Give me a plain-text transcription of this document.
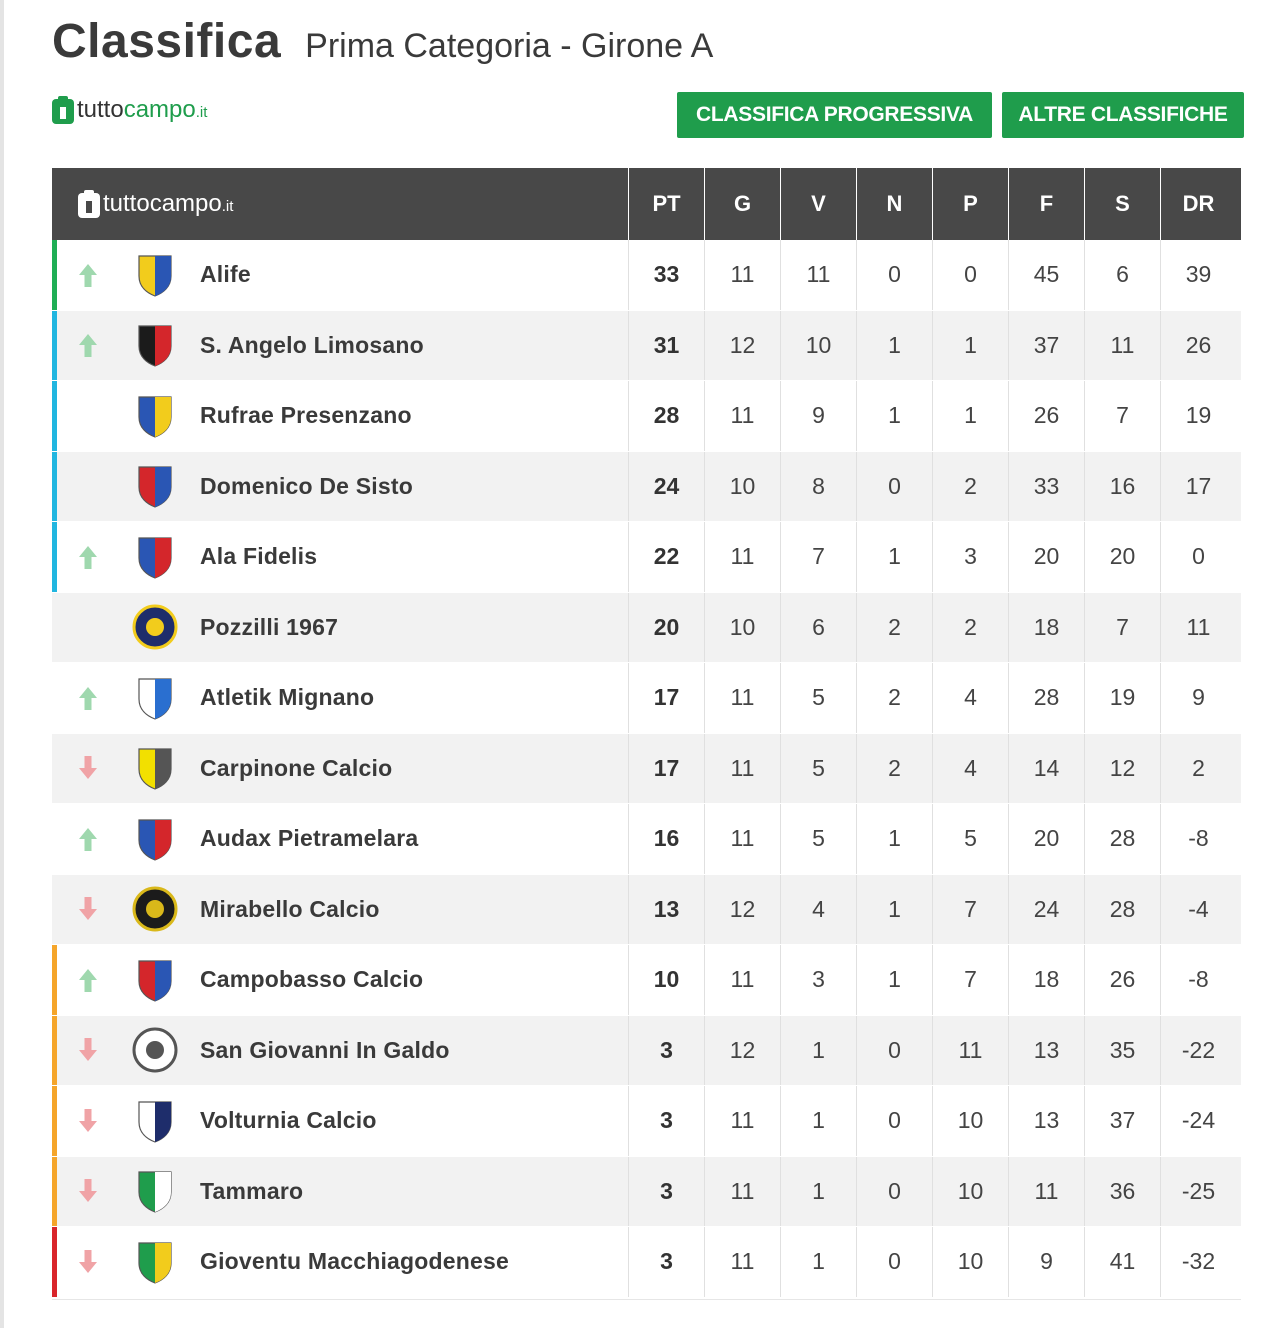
Classifica Prima Categoria - Girone A
tuttocampo.it	CLASSIFICA PROGRESSIVA	ALTRE CLASSIFICHE
tuttocampo.it	PT	G	V	N	P	F	S	DR
Alife	33	11	11	0	0	45	6	39
S. Angelo Limosano	31	12	10	1	1	37	11	26
Rufrae Presenzano	28	11	9	1	1	26	7	19
Domenico De Sisto	24	10	8	0	2	33	16	17
Ala Fidelis	22	11	7	1	3	20	20	0
Pozzilli 1967	20	10	6	2	2	18	7	11
Atletik Mignano	17	11	5	2	4	28	19	9
Carpinone Calcio	17	11	5	2	4	14	12	2
Audax Pietramelara	16	11	5	1	5	20	28	-8
Mirabello Calcio	13	12	4	1	7	24	28	-4
Campobasso Calcio	10	11	3	1	7	18	26	-8
San Giovanni In Galdo	3	12	1	0	11	13	35	-22
Volturnia Calcio	3	11	1	0	10	13	37	-24
Tammaro	3	11	1	0	10	11	36	-25
Gioventu Macchiagodenese	3	11	1	0	10	9	41	-32
